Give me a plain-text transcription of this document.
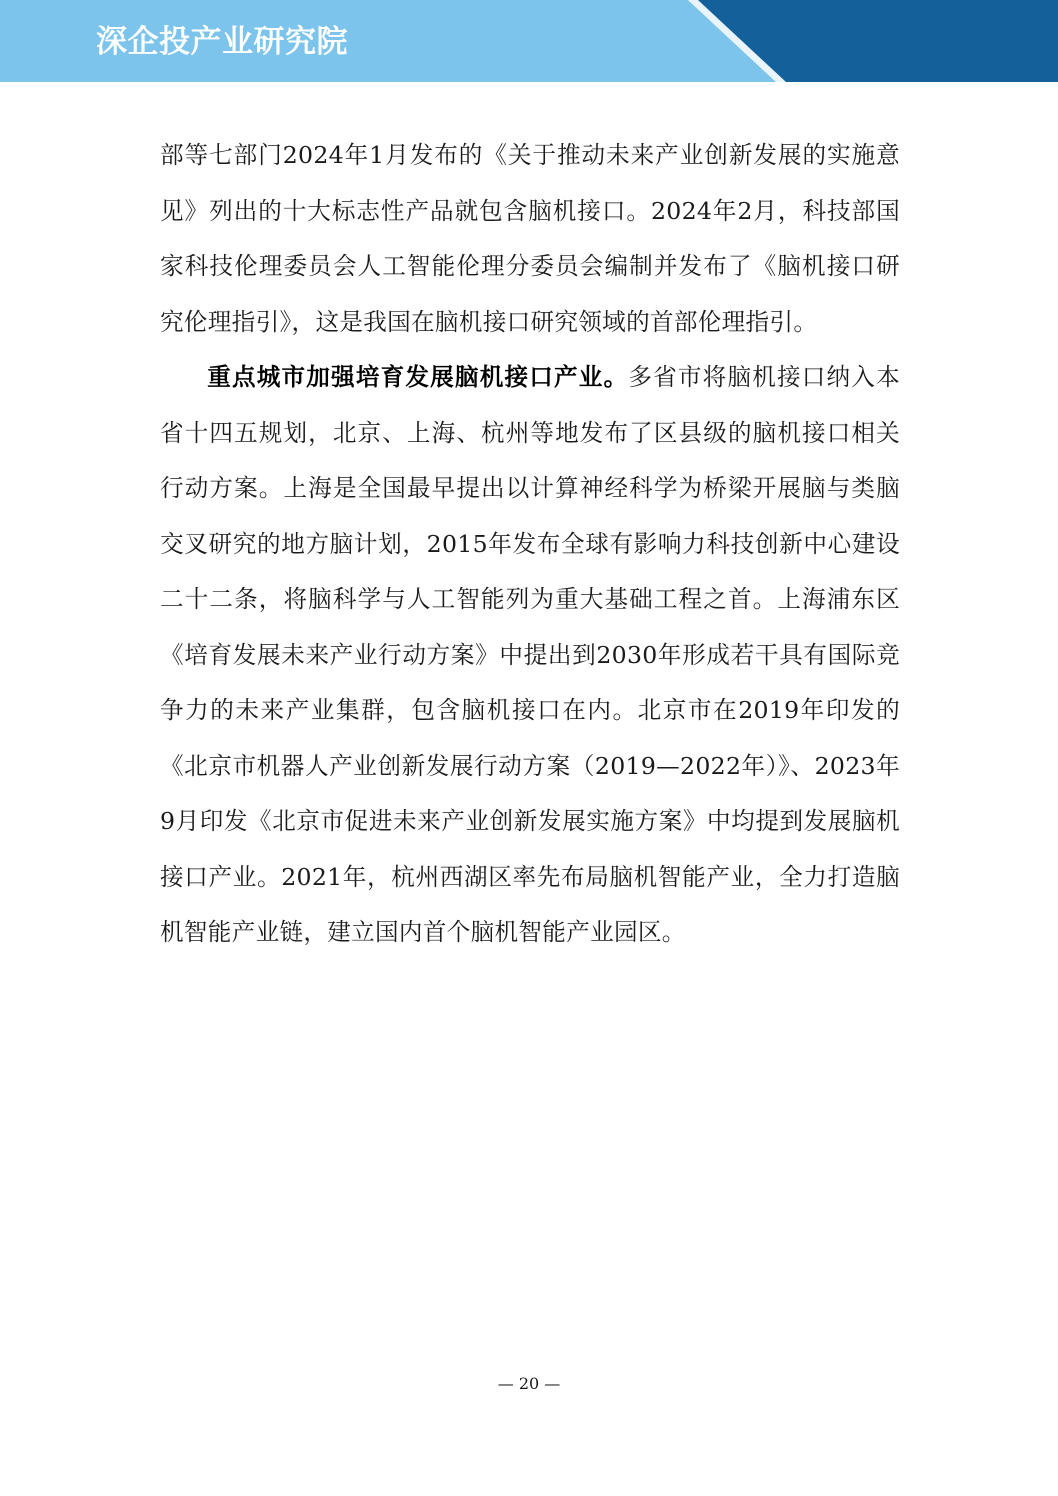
深企投产业研究院

部等七部门2024年1月发布的《关于推动未来产业创新发展的实施意见》列出的十大标志性产品就包含脑机接口。2024年2月，科技部国家科技伦理委员会人工智能伦理分委员会编制并发布了《脑机接口研究伦理指引》，这是我国在脑机接口研究领域的首部伦理指引。

重点城市加强培育发展脑机接口产业。多省市将脑机接口纳入本省十四五规划，北京、上海、杭州等地发布了区县级的脑机接口相关行动方案。上海是全国最早提出以计算神经科学为桥梁开展脑与类脑交叉研究的地方脑计划，2015年发布全球有影响力科技创新中心建设二十二条，将脑科学与人工智能列为重大基础工程之首。上海浦东区《培育发展未来产业行动方案》中提出到2030年形成若干具有国际竞争力的未来产业集群，包含脑机接口在内。北京市在2019年印发的《北京市机器人产业创新发展行动方案（2019—2022年）》、2023年9月印发《北京市促进未来产业创新发展实施方案》中均提到发展脑机接口产业。2021年，杭州西湖区率先布局脑机智能产业，全力打造脑机智能产业链，建立国内首个脑机智能产业园区。

— 20 —
